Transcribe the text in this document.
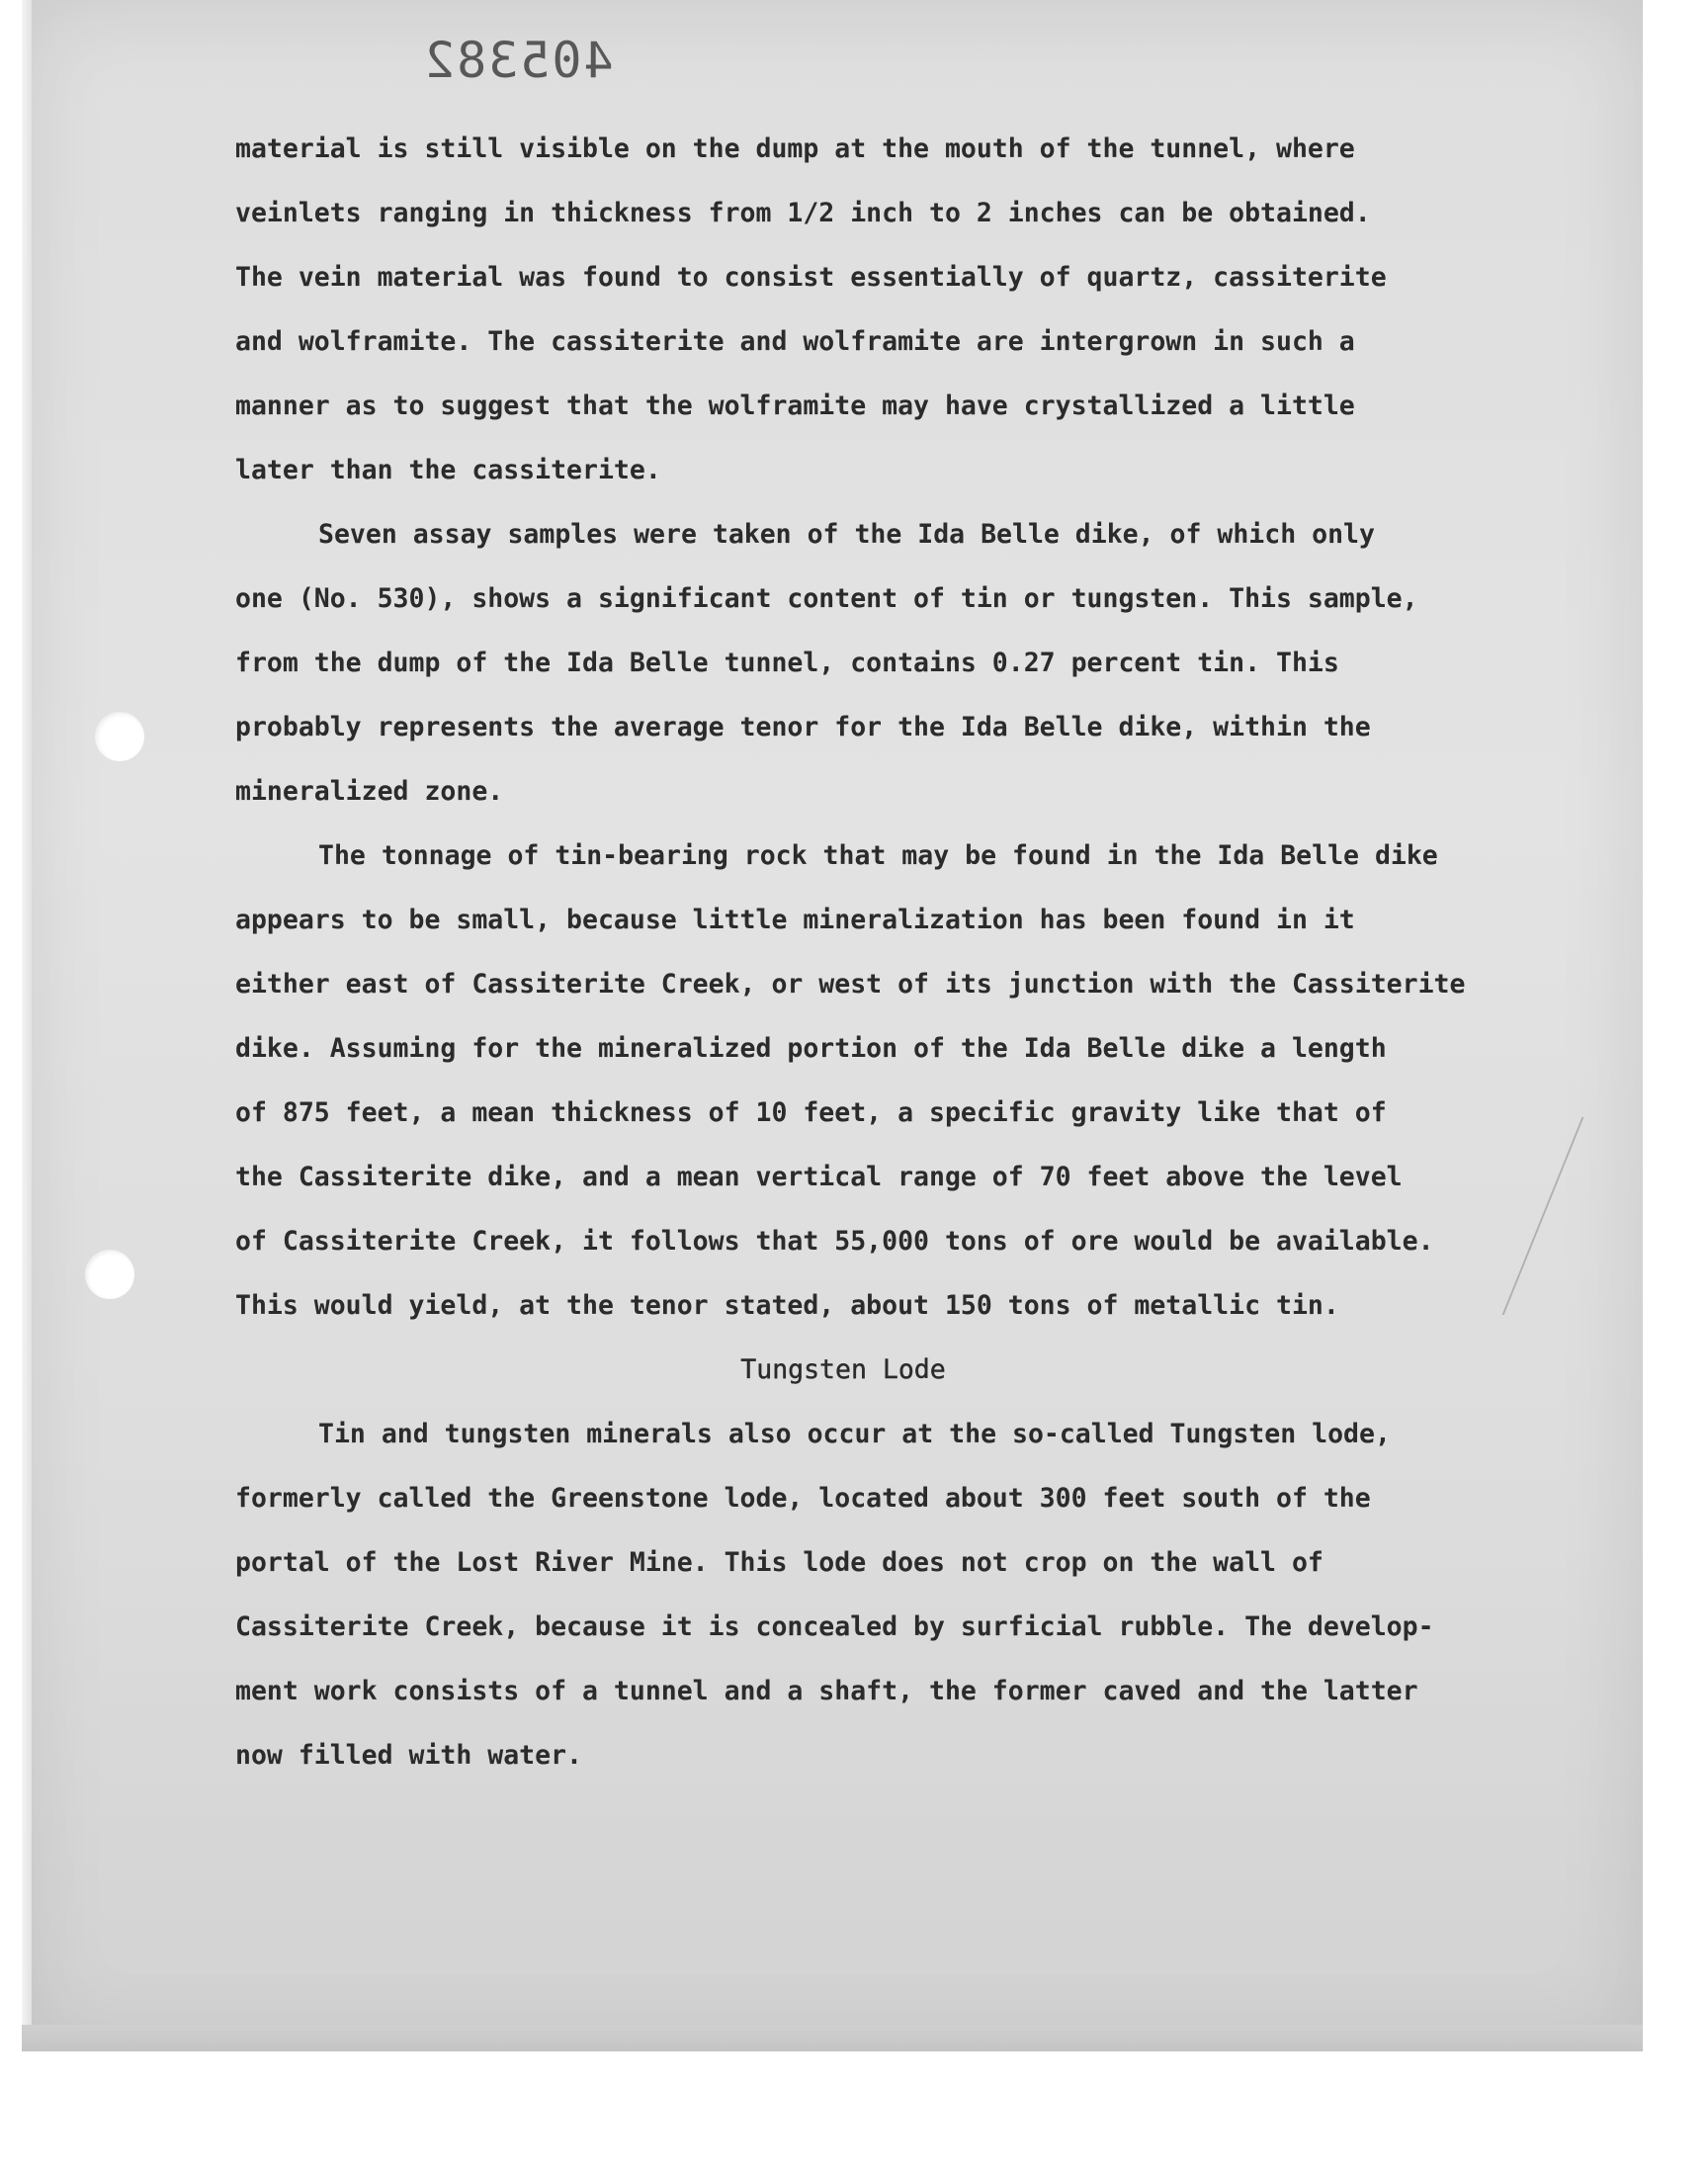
405382
material is still visible on the dump at the mouth of the tunnel, where
veinlets ranging in thickness from 1/2 inch to 2 inches can be obtained.
The vein material was found to consist essentially of quartz, cassiterite
and wolframite. The cassiterite and wolframite are intergrown in such a
manner as to suggest that the wolframite may have crystallized a little
later than the cassiterite.
Seven assay samples were taken of the Ida Belle dike, of which only
one (No. 530), shows a significant content of tin or tungsten. This sample,
from the dump of the Ida Belle tunnel, contains 0.27 percent tin. This
probably represents the average tenor for the Ida Belle dike, within the
mineralized zone.
The tonnage of tin-bearing rock that may be found in the Ida Belle dike
appears to be small, because little mineralization has been found in it
either east of Cassiterite Creek, or west of its junction with the Cassiterite
dike. Assuming for the mineralized portion of the Ida Belle dike a length
of 875 feet, a mean thickness of 10 feet, a specific gravity like that of
the Cassiterite dike, and a mean vertical range of 70 feet above the level
of Cassiterite Creek, it follows that 55,000 tons of ore would be available.
This would yield, at the tenor stated, about 150 tons of metallic tin.
Tungsten Lode
Tin and tungsten minerals also occur at the so-called Tungsten lode,
formerly called the Greenstone lode, located about 300 feet south of the
portal of the Lost River Mine. This lode does not crop on the wall of
Cassiterite Creek, because it is concealed by surficial rubble. The develop-
ment work consists of a tunnel and a shaft, the former caved and the latter
now filled with water.
